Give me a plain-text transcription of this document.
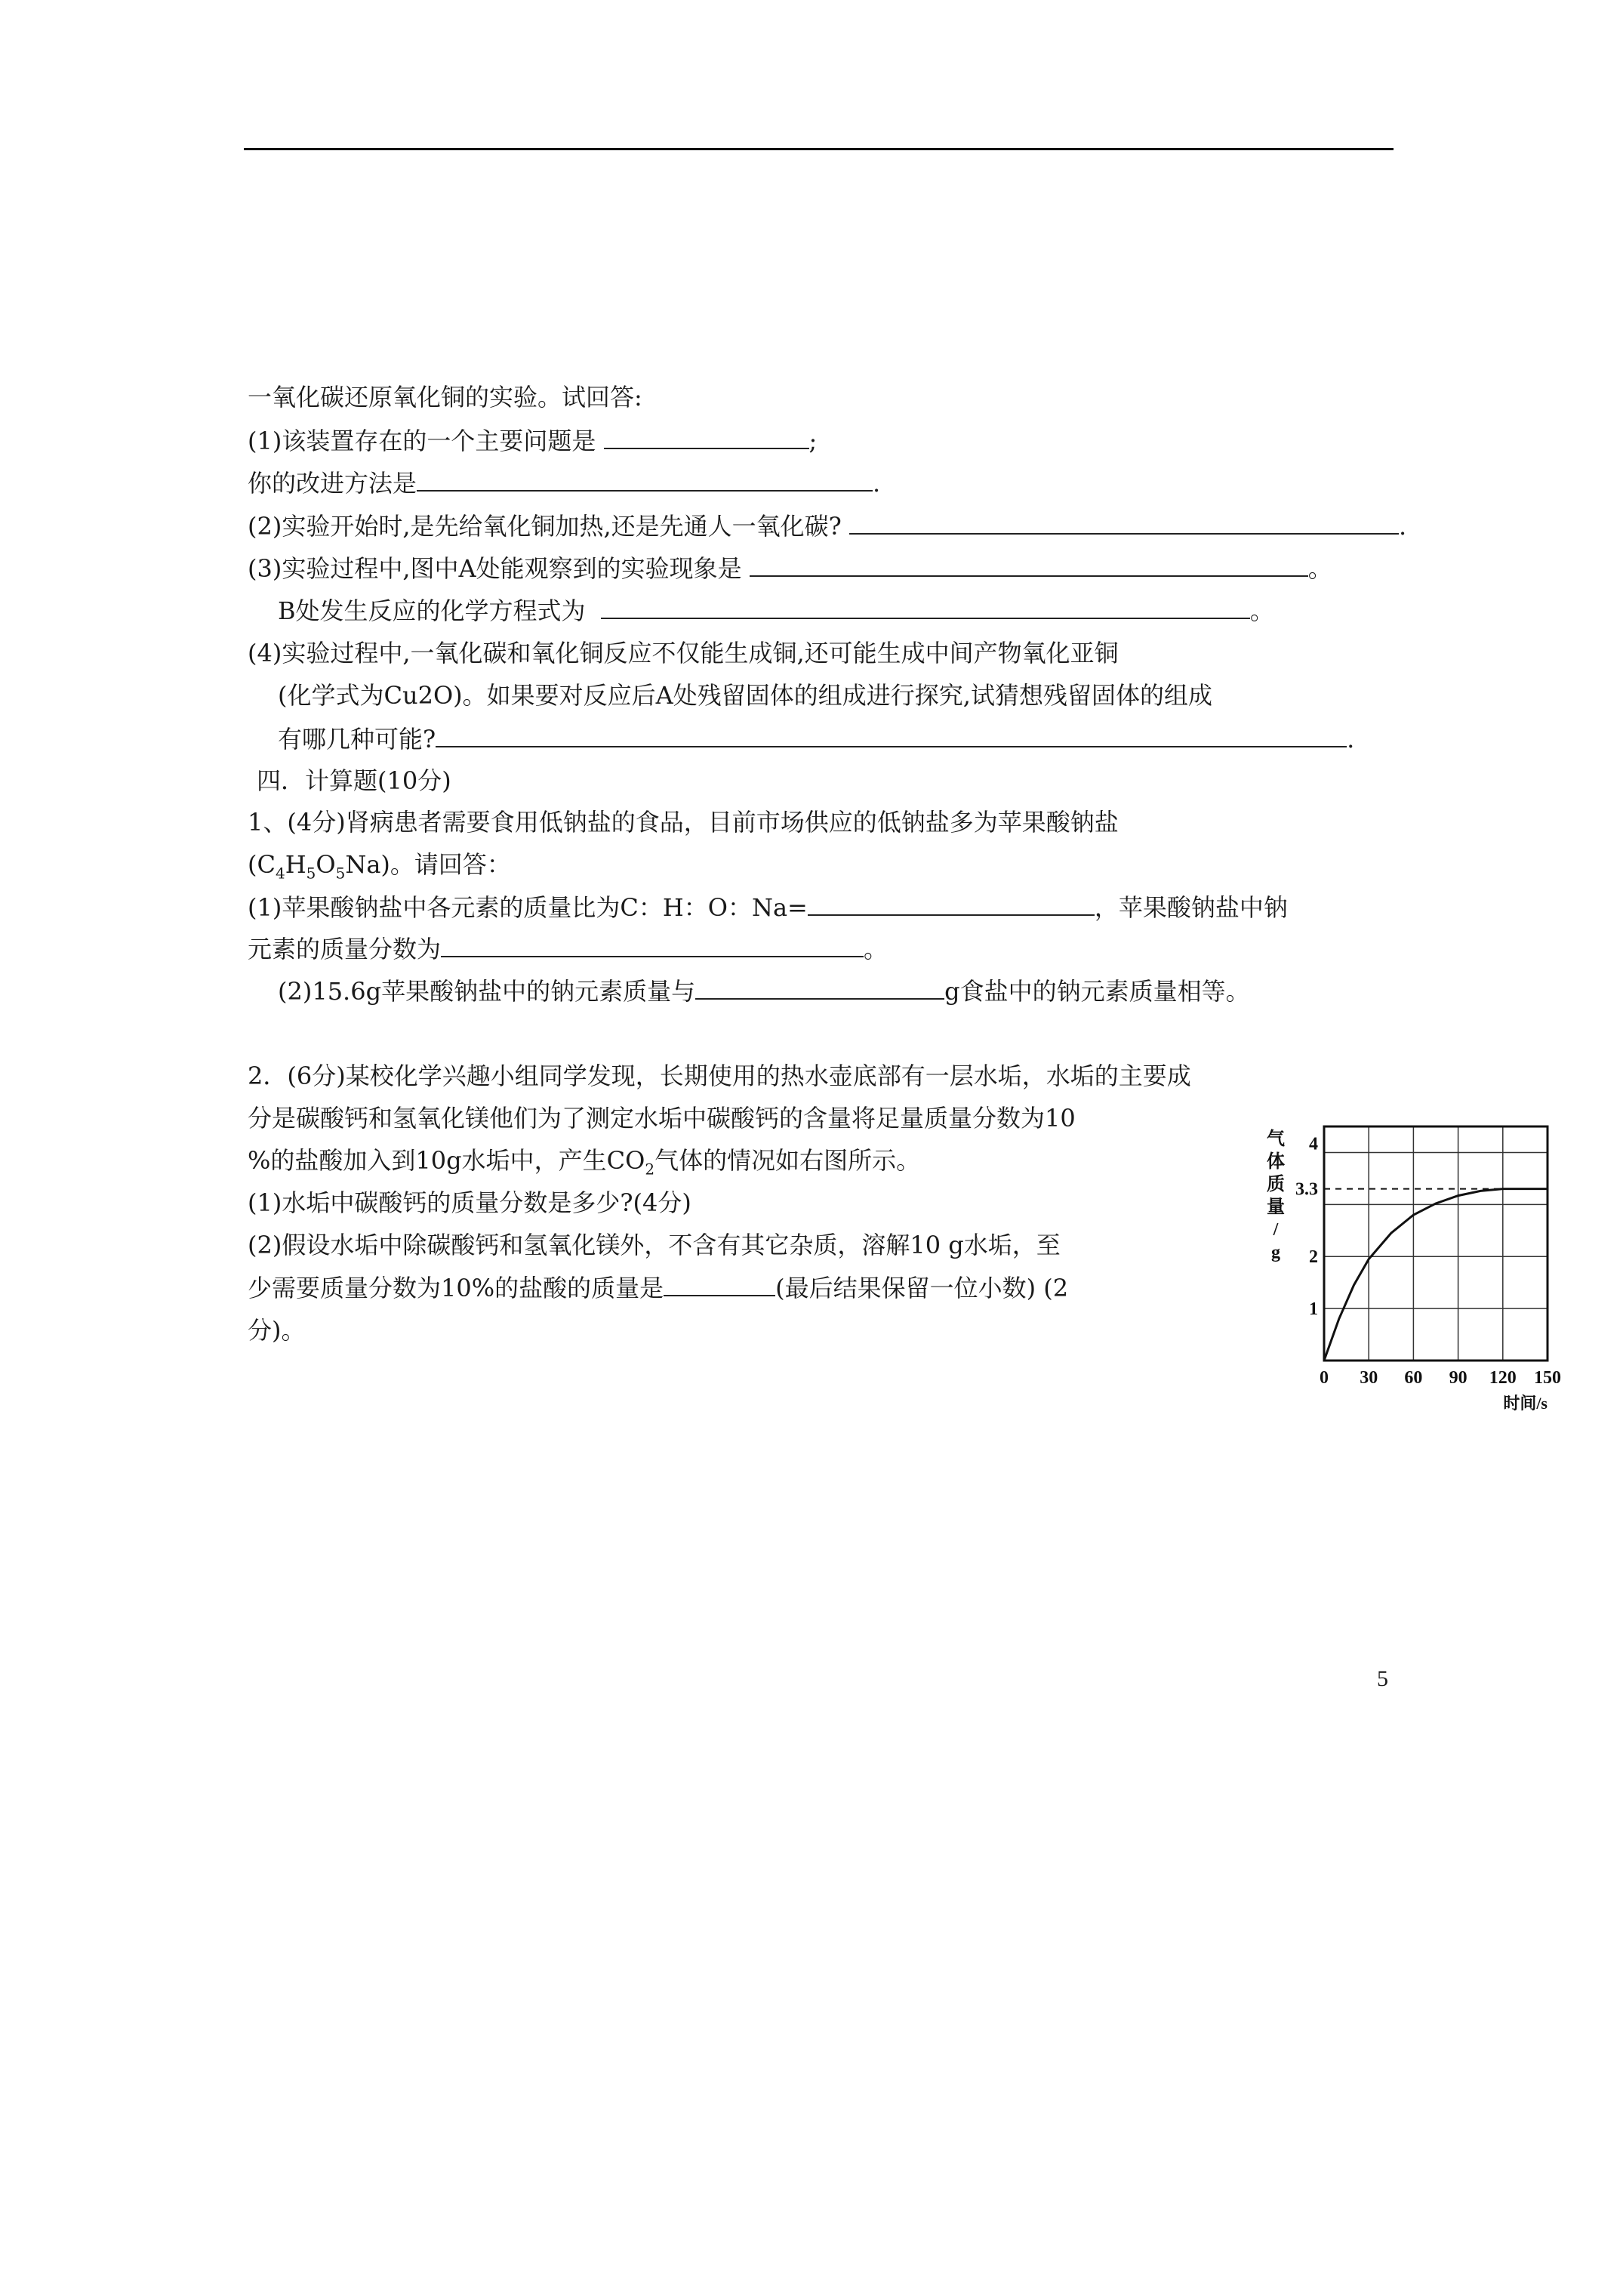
一氧化碳还原氧化铜的实验。试回答:
(1)该装置存在的一个主要问题是	;
你的改进方法是	.
(2)实验开始时,是先给氧化铜加热,还是先通人一氧化碳?	.
(3)实验过程中,图中A处能观察到的实验现象是	。
B处发生反应的化学方程式为	。
(4)实验过程中,一氧化碳和氧化铜反应不仅能生成铜,还可能生成中间产物氧化亚铜
(化学式为Cu2O)。如果要对反应后A处残留固体的组成进行探究,试猜想残留固体的组成
有哪几种可能?	.
四．计算题(10分)
1、(4分)肾病患者需要食用低钠盐的食品，目前市场供应的低钠盐多为苹果酸钠盐
$(C_4H_5O_5Na)$。请回答：
(1)苹果酸钠盐中各元素的质量比为C：H：O：Na=	，苹果酸钠盐中钠
元素的质量分数为	。
(2)15.6g苹果酸钠盐中的钠元素质量与	g食盐中的钠元素质量相等。
2．(6分)某校化学兴趣小组同学发现，长期使用的热水壶底部有一层水垢，水垢的主要成
分是碳酸钙和氢氧化镁他们为了测定水垢中碳酸钙的含量将足量质量分数为10
%的盐酸加入到10g水垢中，产生$CO_2$气体的情况如右图所示。
(1)水垢中碳酸钙的质量分数是多少?(4分)
(2)假设水垢中除碳酸钙和氢氧化镁外，不含有其它杂质，溶解10 g水垢，至
少需要质量分数为10%的盐酸的质量是	(最后结果保留一位小数) (2
分)。
气
体
质
量
/
g
1
2
3.3
4
0 30 60 90 120 150
时间/s
5
